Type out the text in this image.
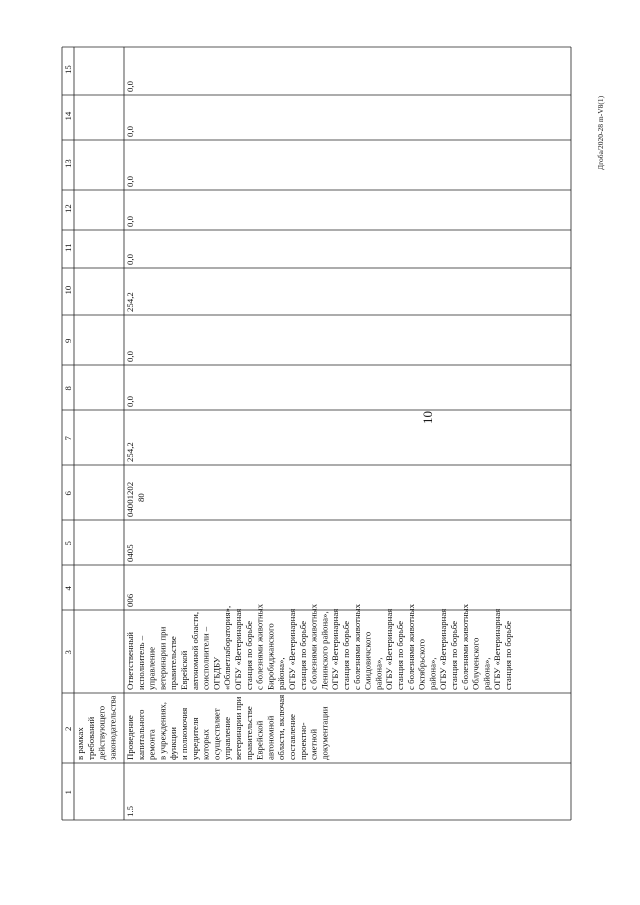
10
Дгоба/2020-28 m-V8(1)
1
2
3
4
5
6
7
8
9
10
11
12
13
14
15
в рамках требований действующего законодательства
1.5
Проведение капитального ремонта в учреждениях, функции и полномочия учредителя которых осуществляет управление ветеринарии при правительстве Еврейской автономной области, включая составление проектно- сметной документации
Ответственный исполнитель – управление ветеринарии при правительстве Еврейской автономной области, соисполнители – ОГБДБУ «Облветлаборатория», ОГБУ «Ветеринарная станция по борьбе с болезнями животных Биробиджанского района», ОГБУ «Ветеринарная станция по борьбе с болезнями животных Ленинского района», ОГБУ «Ветеринарная станция по борьбе с болезнями животных Смидовичского района», ОГБУ «Ветеринарная станция по борьбе с болезнями животных Октябрьского района», ОГБУ «Ветеринарная станция по борьбе с болезнями животных Облученского района», ОГБУ «Ветеринарная станция по борьбе
006
0405
04001202 80
254,2
0,0
0,0
254,2
0,0
0,0
0,0
0,0
0,0
